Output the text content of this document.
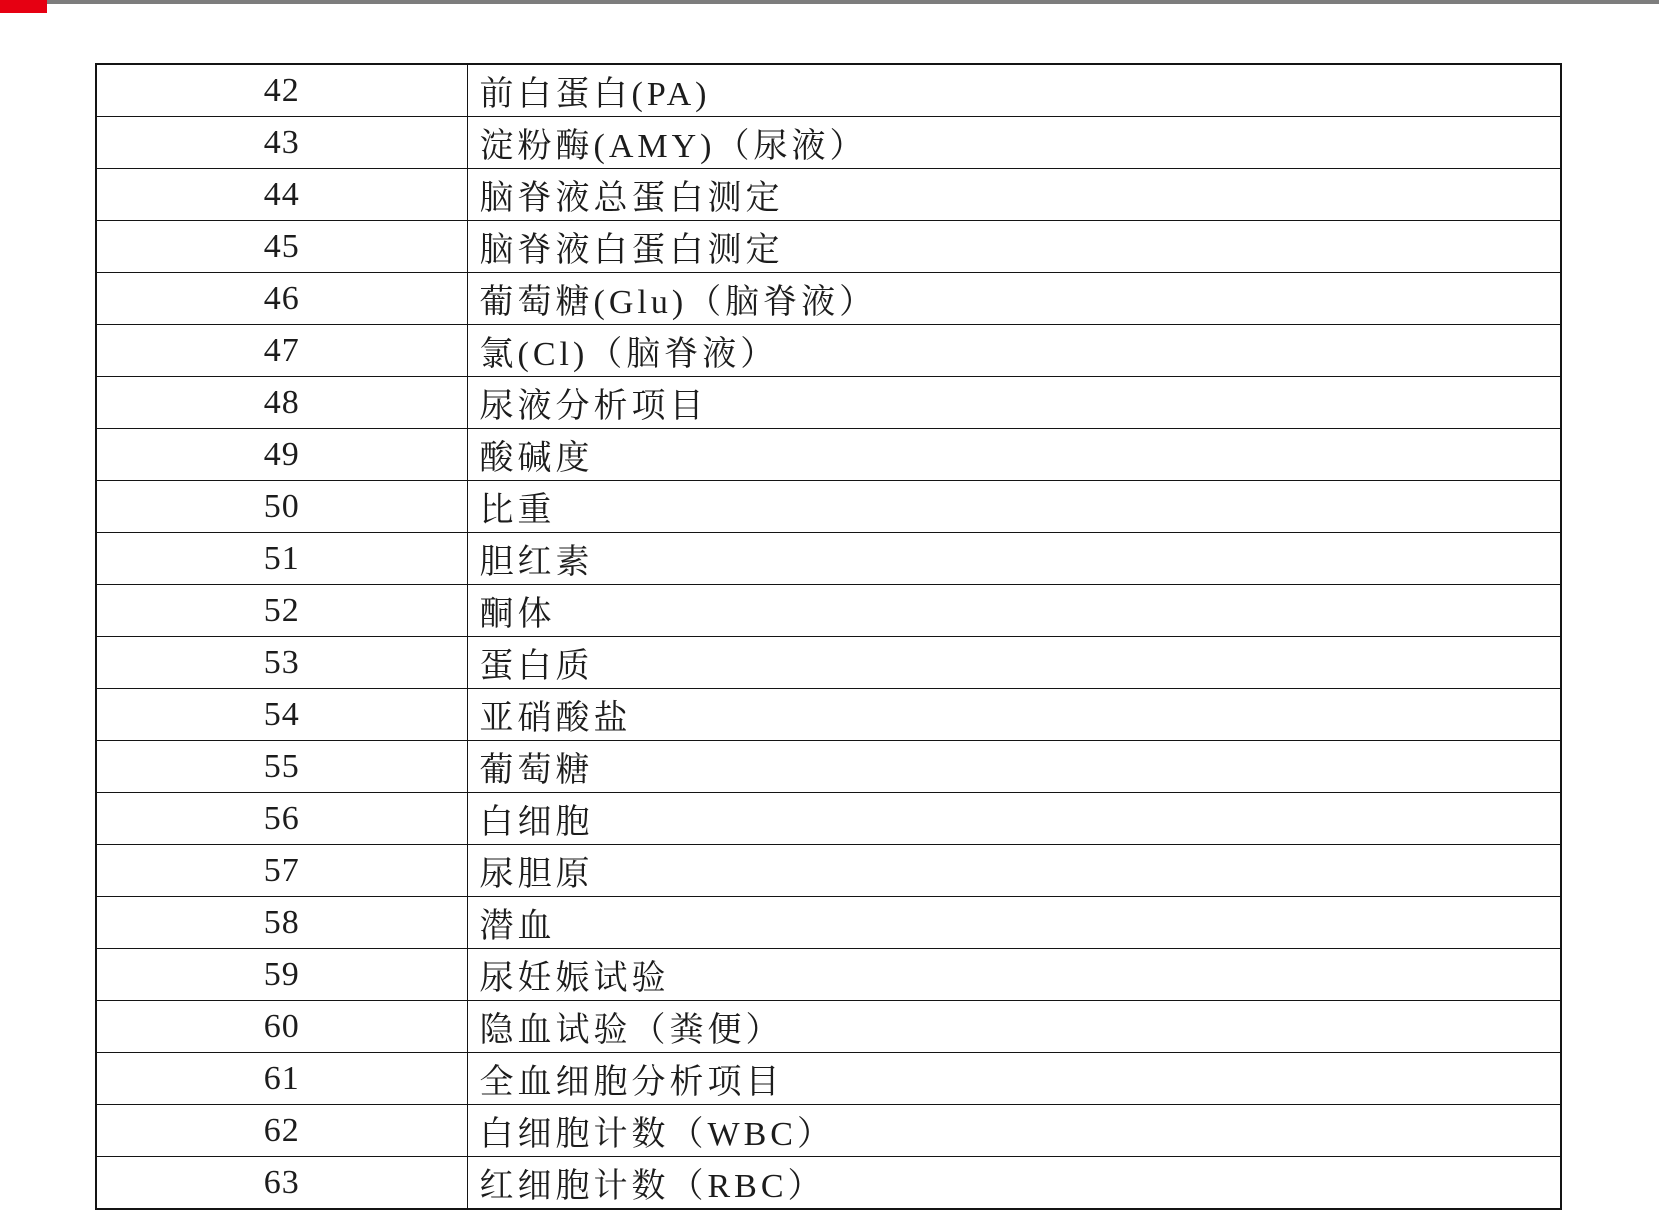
42	前白蛋白(PA)
43	淀粉酶(AMY)（尿液）
44	脑脊液总蛋白测定
45	脑脊液白蛋白测定
46	葡萄糖(Glu)（脑脊液）
47	氯(Cl)（脑脊液）
48	尿液分析项目
49	酸碱度
50	比重
51	胆红素
52	酮体
53	蛋白质
54	亚硝酸盐
55	葡萄糖
56	白细胞
57	尿胆原
58	潜血
59	尿妊娠试验
60	隐血试验（粪便）
61	全血细胞分析项目
62	白细胞计数（WBC）
63	红细胞计数（RBC）
